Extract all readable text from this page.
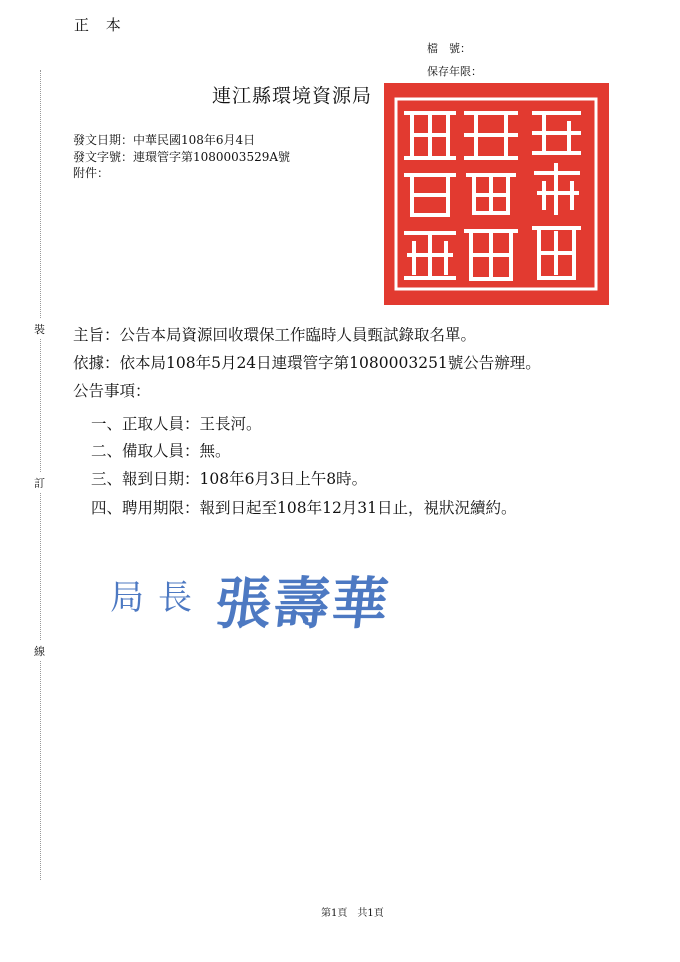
正 本
檔　號：
保存年限：
連江縣環境資源局
發文日期：中華民國108年6月4日
發文字號：連環管字第1080003529A號
附件：
裝
訂
線
主旨：公告本局資源回收環保工作臨時人員甄試錄取名單。
依據：依本局108年5月24日連環管字第1080003251號公告辦理。
公告事項：
一、正取人員：王長河。
二、備取人員：無。
三、報到日期：108年6月3日上午8時。
四、聘用期限：報到日起至108年12月31日止，視狀況續約。
局長 張壽華
第1頁 共1頁
